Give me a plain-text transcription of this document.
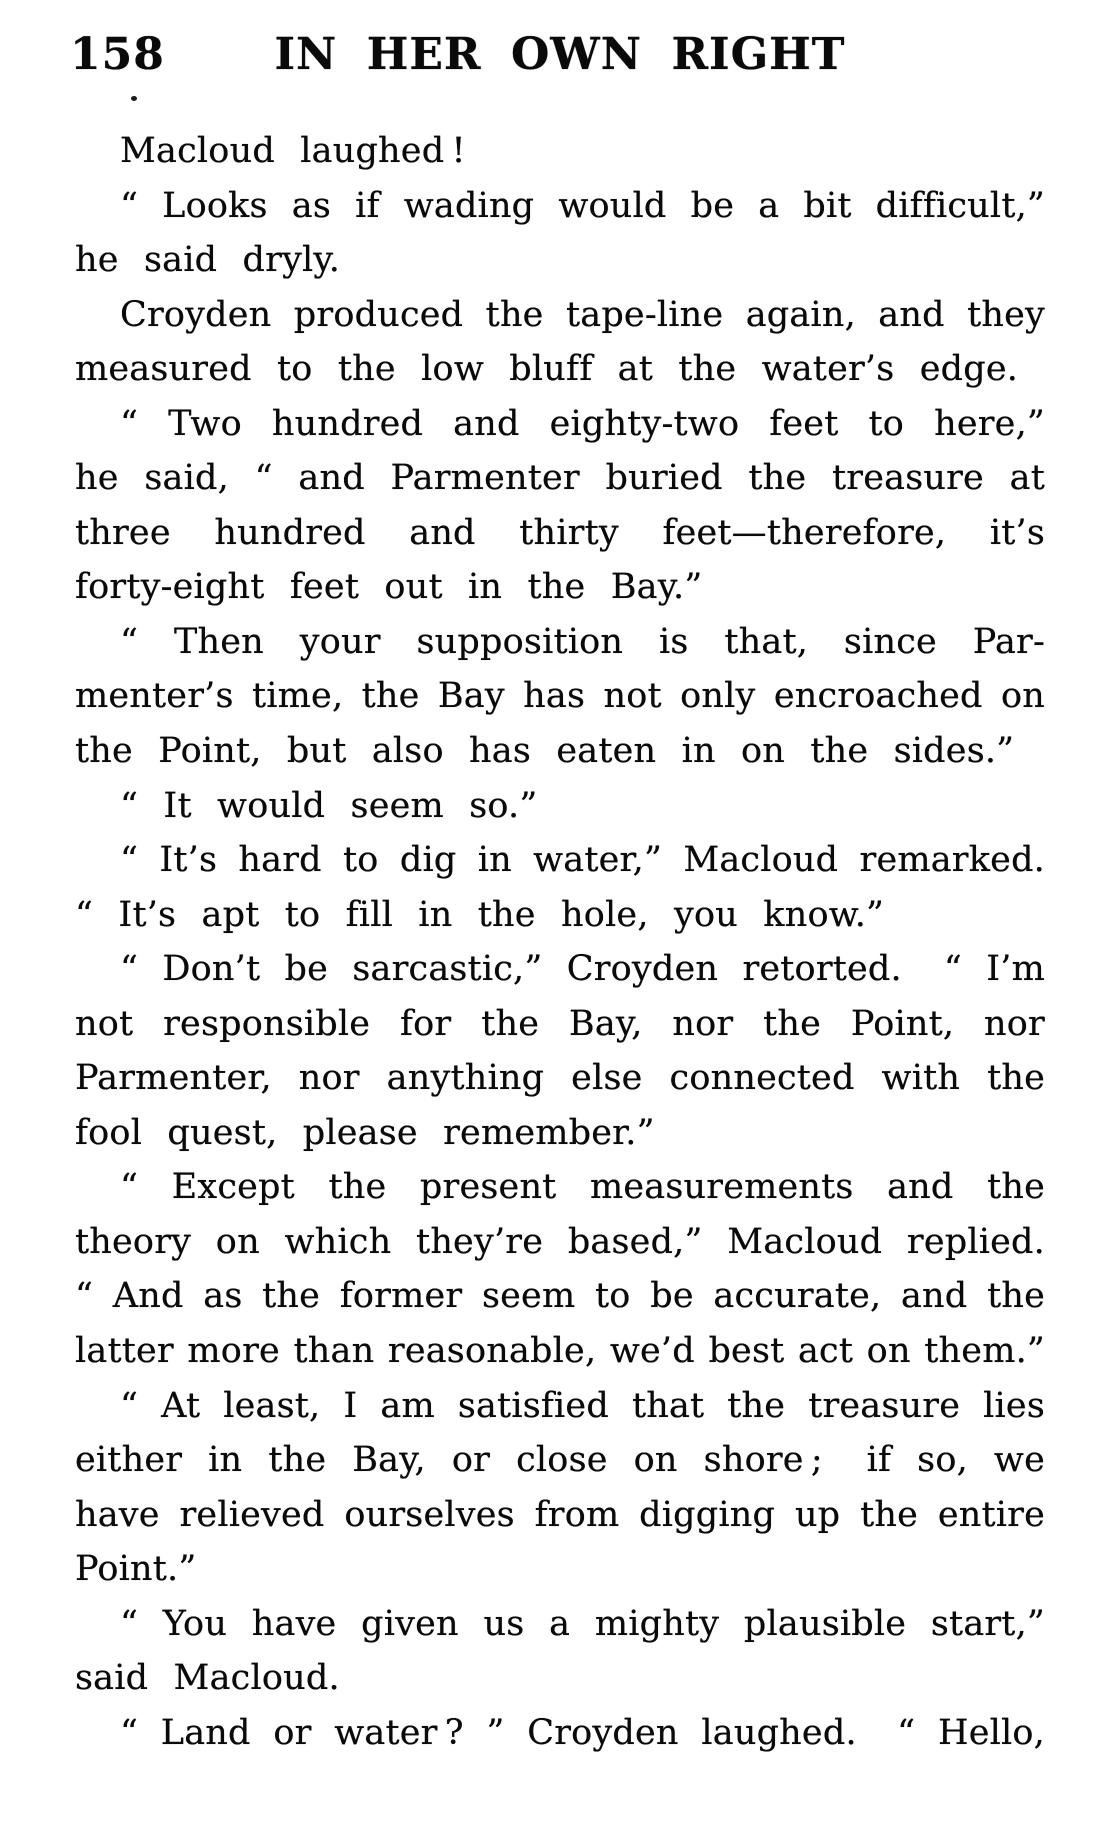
158	IN HER OWN RIGHT
Macloud laughed !
“ Looks as if wading would be a bit difficult,”
he said dryly.
Croyden produced the tape-line again, and they
measured to the low bluff at the water’s edge.
“ Two hundred and eighty-two feet to here,”
he said, “ and Parmenter buried the treasure at
three hundred and thirty feet—therefore, it’s
forty-eight feet out in the Bay.”
“ Then your supposition is that, since Par-
menter’s time, the Bay has not only encroached on
the Point, but also has eaten in on the sides.”
“ It would seem so.”
“ It’s hard to dig in water,” Macloud remarked.
“ It’s apt to fill in the hole, you know.”
“ Don’t be sarcastic,” Croyden retorted.  “ I’m
not responsible for the Bay, nor the Point, nor
Parmenter, nor anything else connected with the
fool quest, please remember.”
“ Except the present measurements and the
theory on which they’re based,” Macloud replied.
“ And as the former seem to be accurate, and the
latter more than reasonable, we’d best act on them.”
“ At least, I am satisfied that the treasure lies
either in the Bay, or close on shore ;  if so, we
have relieved ourselves from digging up the entire
Point.”
“ You have given us a mighty plausible start,”
said Macloud.
“ Land or water ? ” Croyden laughed.  “ Hello,
